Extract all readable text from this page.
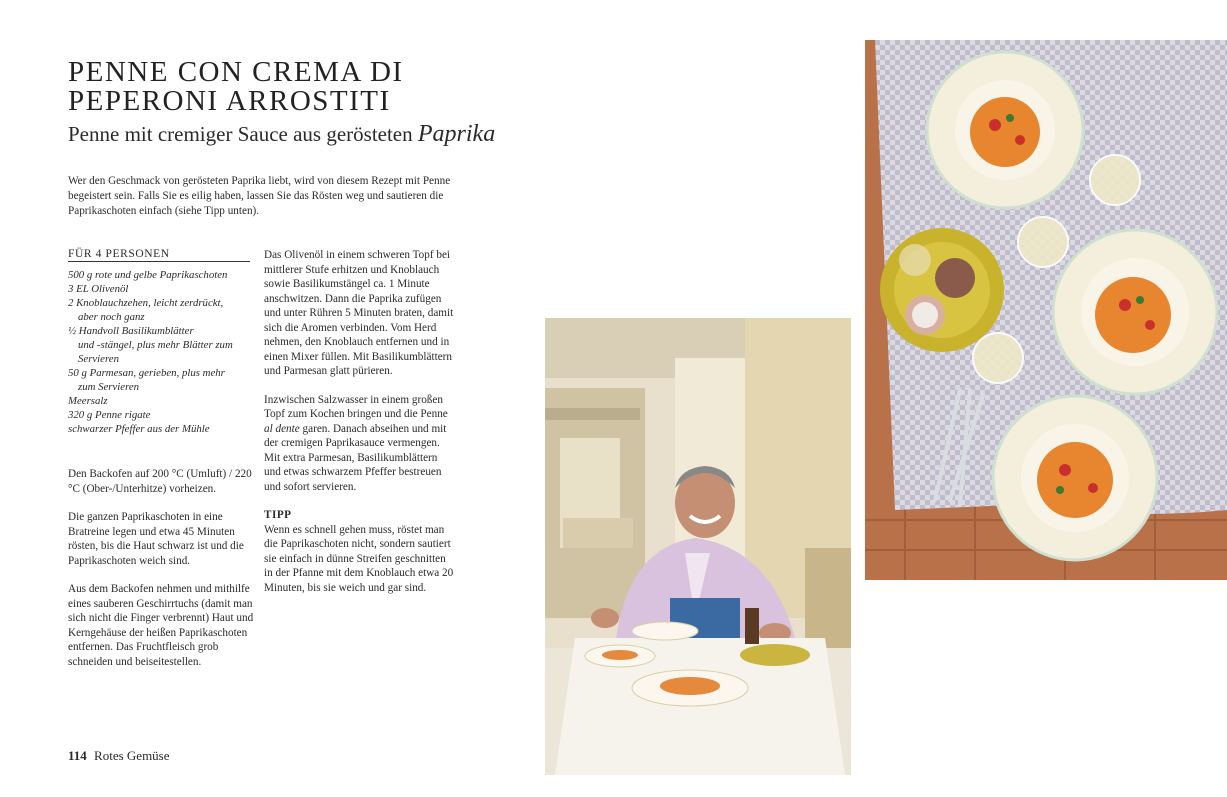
PENNE CON CREMA DI
PEPERONI ARROSTITI
Penne mit cremiger Sauce aus gerösteten Paprika
Wer den Geschmack von gerösteten Paprika liebt, wird von diesem Rezept mit Penne begeistert sein. Falls Sie es eilig haben, lassen Sie das Rösten weg und sautieren die Paprikaschoten einfach (siehe Tipp unten).
FÜR 4 PERSONEN
500 g rote und gelbe Paprikaschoten
3 EL Olivenöl
2 Knoblauchzehen, leicht zerdrückt,
aber noch ganz
½ Handvoll Basilikumblätter
und -stängel, plus mehr Blätter zum
Servieren
50 g Parmesan, gerieben, plus mehr
zum Servieren
Meersalz
320 g Penne rigate
schwarzer Pfeffer aus der Mühle

Den Backofen auf 200 °C (Umluft) / 220 °C (Ober-/Unterhitze) vorheizen.

Die ganzen Paprikaschoten in eine Bratreine legen und etwa 45 Minuten rösten, bis die Haut schwarz ist und die Paprikaschoten weich sind.

Aus dem Backofen nehmen und mithilfe eines sauberen Geschirrtuchs (damit man sich nicht die Finger verbrennt) Haut und Kerngehäuse der heißen Paprikaschoten entfernen. Das Fruchtfleisch grob schneiden und beiseitestellen.

Das Olivenöl in einem schweren Topf bei mittlerer Stufe erhitzen und Knoblauch sowie Basilikumstängel ca. 1 Minute anschwitzen. Dann die Paprika zufügen und unter Rühren 5 Minuten braten, damit sich die Aromen verbinden. Vom Herd nehmen, den Knoblauch entfernen und in einen Mixer füllen. Mit Basilikumblättern und Parmesan glatt pürieren.

Inzwischen Salzwasser in einem großen Topf zum Kochen bringen und die Penne al dente garen. Danach abseihen und mit der cremigen Paprikasauce vermengen. Mit extra Parmesan, Basilikumblättern und etwas schwarzem Pfeffer bestreuen und sofort servieren.

TIPP
Wenn es schnell gehen muss, röstet man die Paprikaschoten nicht, sondern sautiert sie einfach in dünne Streifen geschnitten in der Pfanne mit dem Knoblauch etwa 20 Minuten, bis sie weich und gar sind.
114 Rotes Gemüse
